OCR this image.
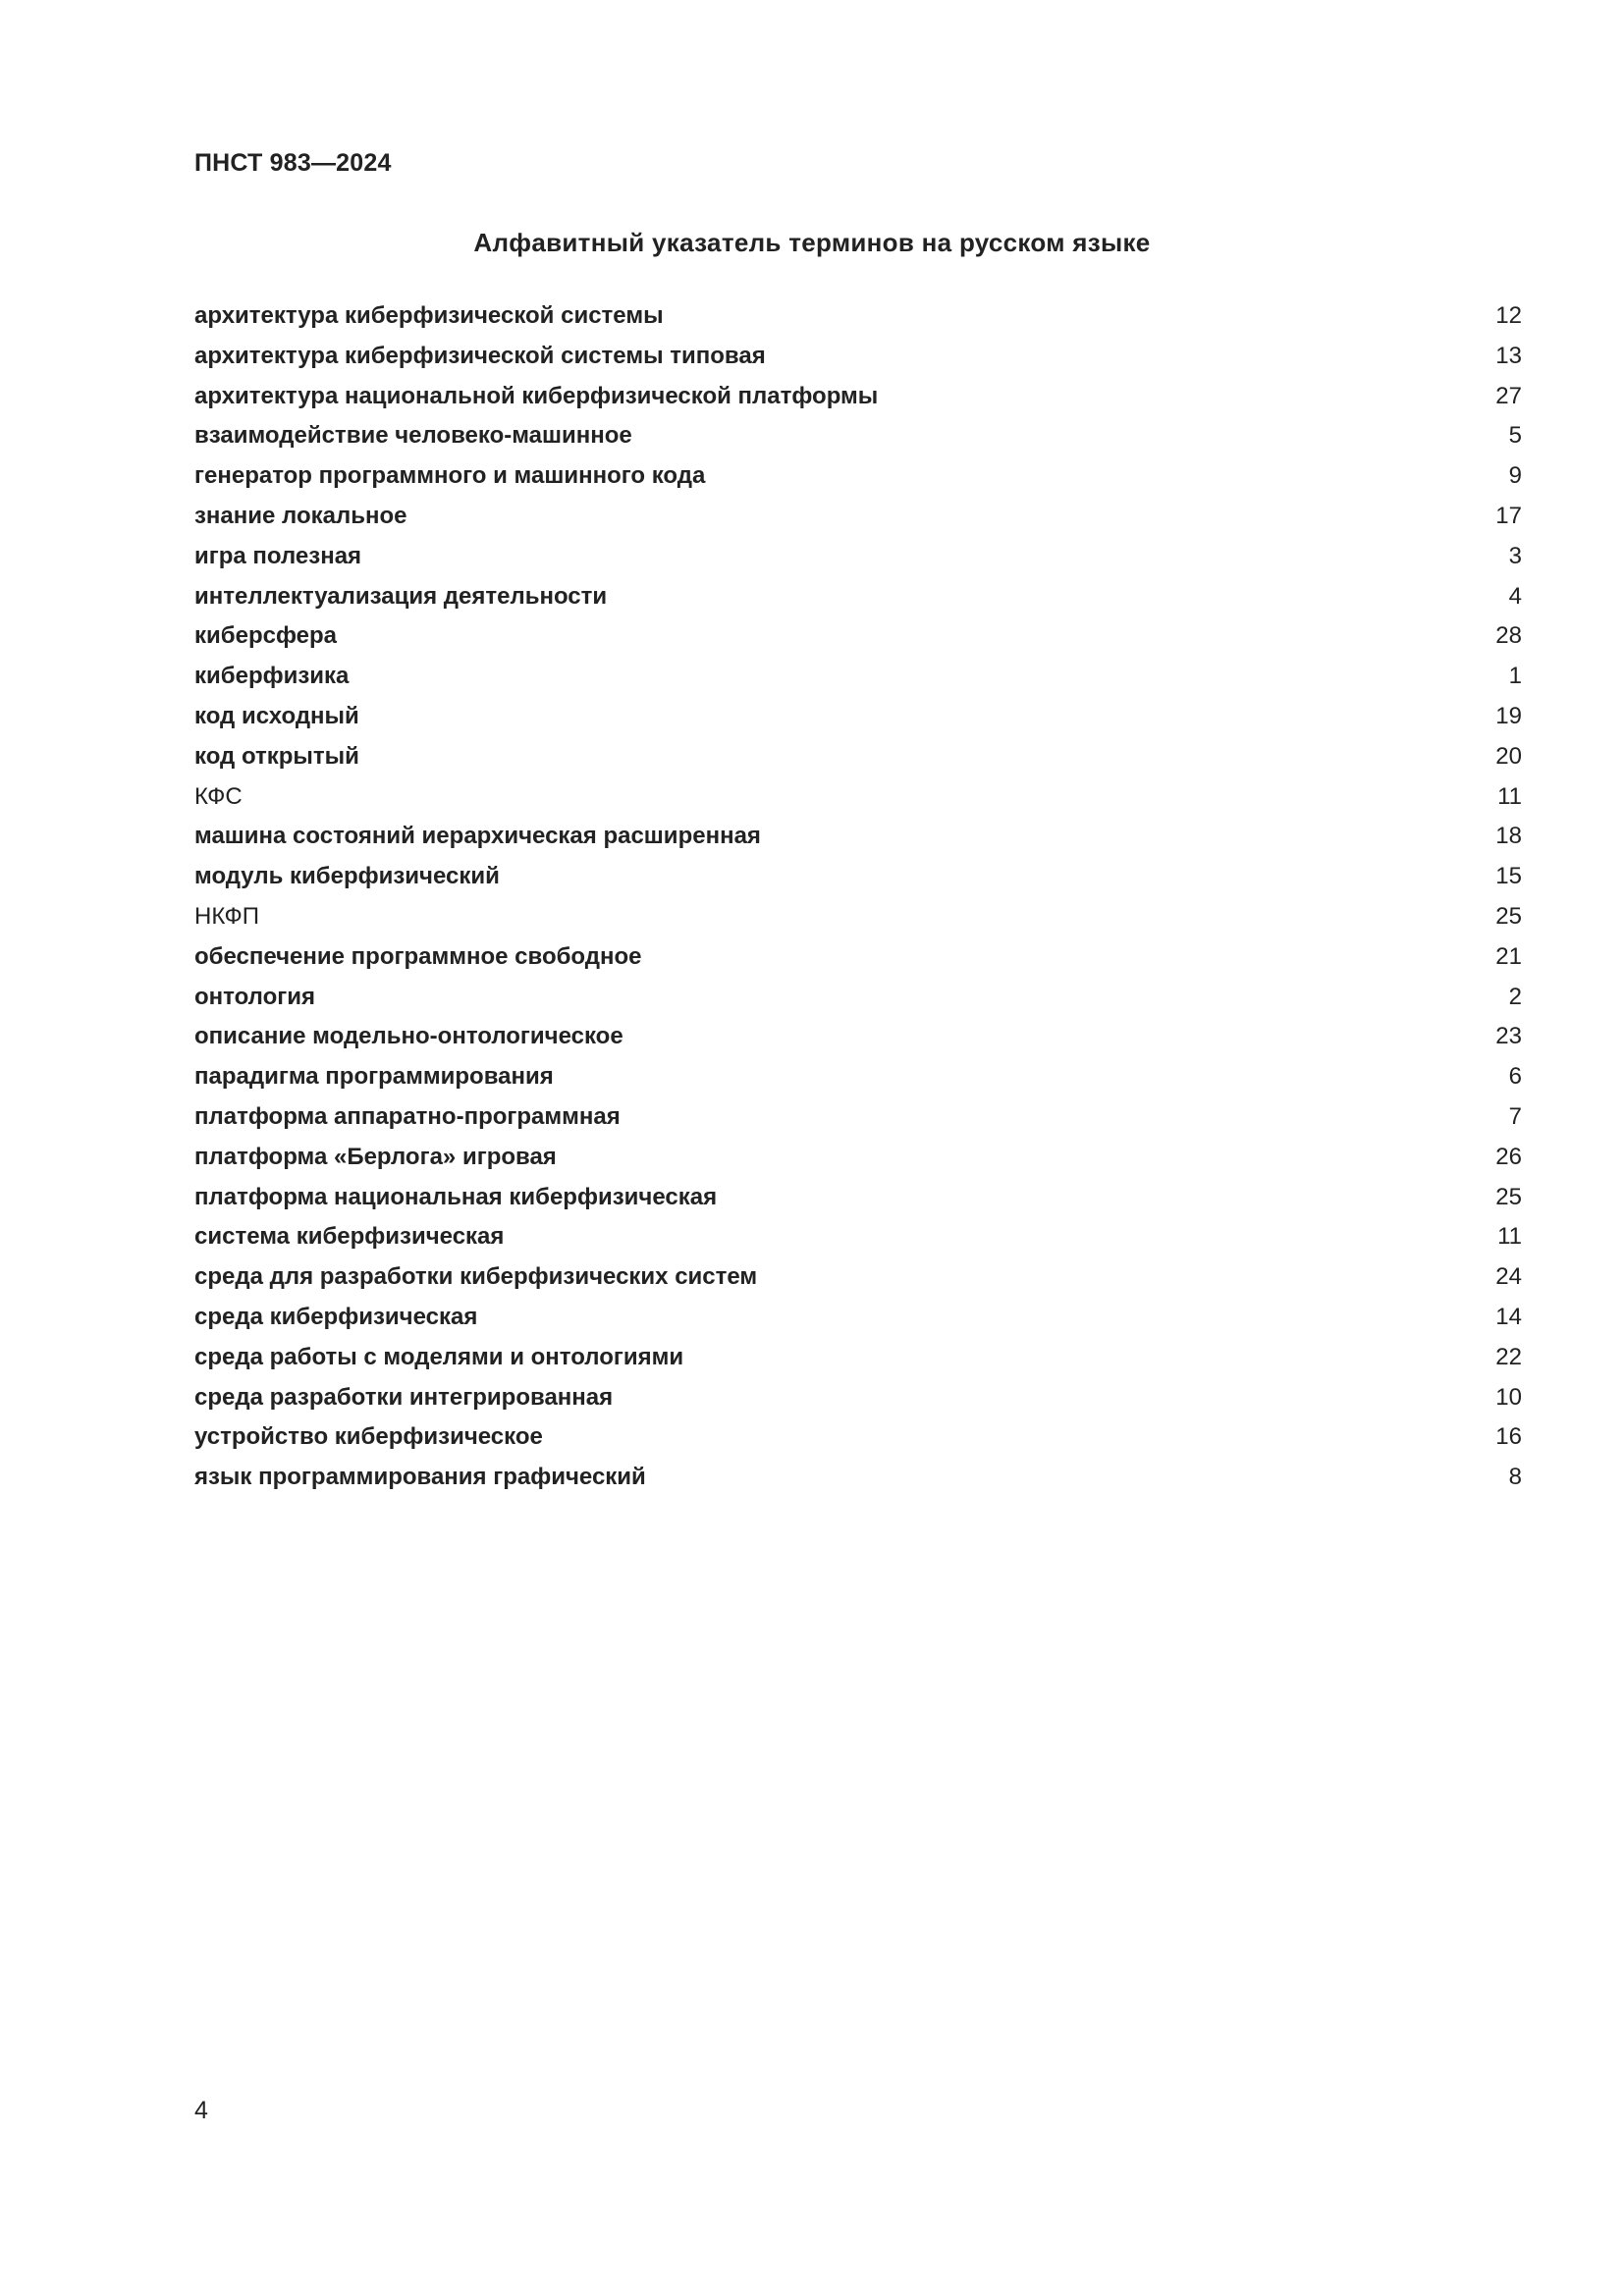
ПНСТ 983—2024
Алфавитный указатель терминов на русском языке
архитектура киберфизической системы	12
архитектура киберфизической системы типовая	13
архитектура национальной киберфизической платформы	27
взаимодействие человеко-машинное	5
генератор программного и машинного кода	9
знание локальное	17
игра полезная	3
интеллектуализация деятельности	4
киберсфера	28
киберфизика	1
код исходный	19
код открытый	20
КФС	11
машина состояний иерархическая расширенная	18
модуль киберфизический	15
НКФП	25
обеспечение программное свободное	21
онтология	2
описание модельно-онтологическое	23
парадигма программирования	6
платформа аппаратно-программная	7
платформа «Берлога» игровая	26
платформа национальная киберфизическая	25
система киберфизическая	11
среда для разработки киберфизических систем	24
среда киберфизическая	14
среда работы с моделями и онтологиями	22
среда разработки интегрированная	10
устройство киберфизическое	16
язык программирования графический	8
4
